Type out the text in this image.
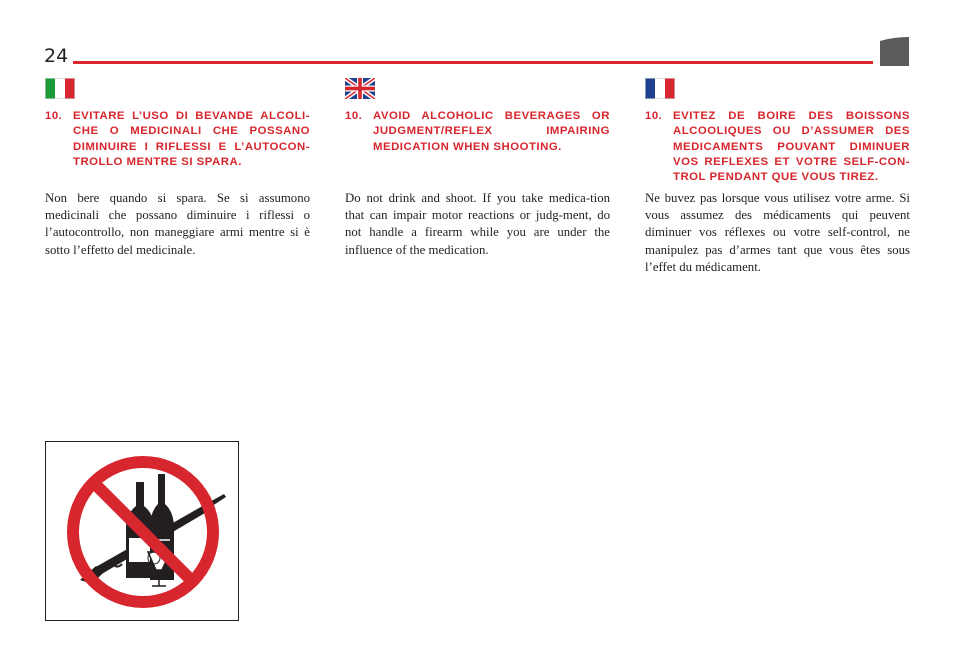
24
10. EVITARE L’USO DI BEVANDE ALCOLI-CHE O MEDICINALI CHE POSSANO DIMINUIRE I RIFLESSI E L’AUTOCON-TROLLO MENTRE SI SPARA.

Non bere quando si spara. Se si assumono medicinali che possano diminuire i riflessi o l’autocontrollo, non maneggiare armi mentre si è sotto l’effetto del medicinale.

10. AVOID ALCOHOLIC BEVERAGES OR JUDGMENT/REFLEX IMPAIRING MEDICATION WHEN SHOOTING.

Do not drink and shoot. If you take medica-tion that can impair motor reactions or judg-ment, do not handle a firearm while you are under the influence of the medication.

10. EVITEZ DE BOIRE DES BOISSONS ALCOOLIQUES OU D’ASSUMER DES MEDICAMENTS POUVANT DIMINUER VOS REFLEXES ET VOTRE SELF-CON-TROL PENDANT QUE VOUS TIREZ.

Ne buvez pas lorsque vous utilisez votre arme. Si vous assumez des médicaments qui peuvent diminuer vos réflexes ou votre self-control, ne manipulez pas d’armes tant que vous êtes sous l’effet du médicament.
